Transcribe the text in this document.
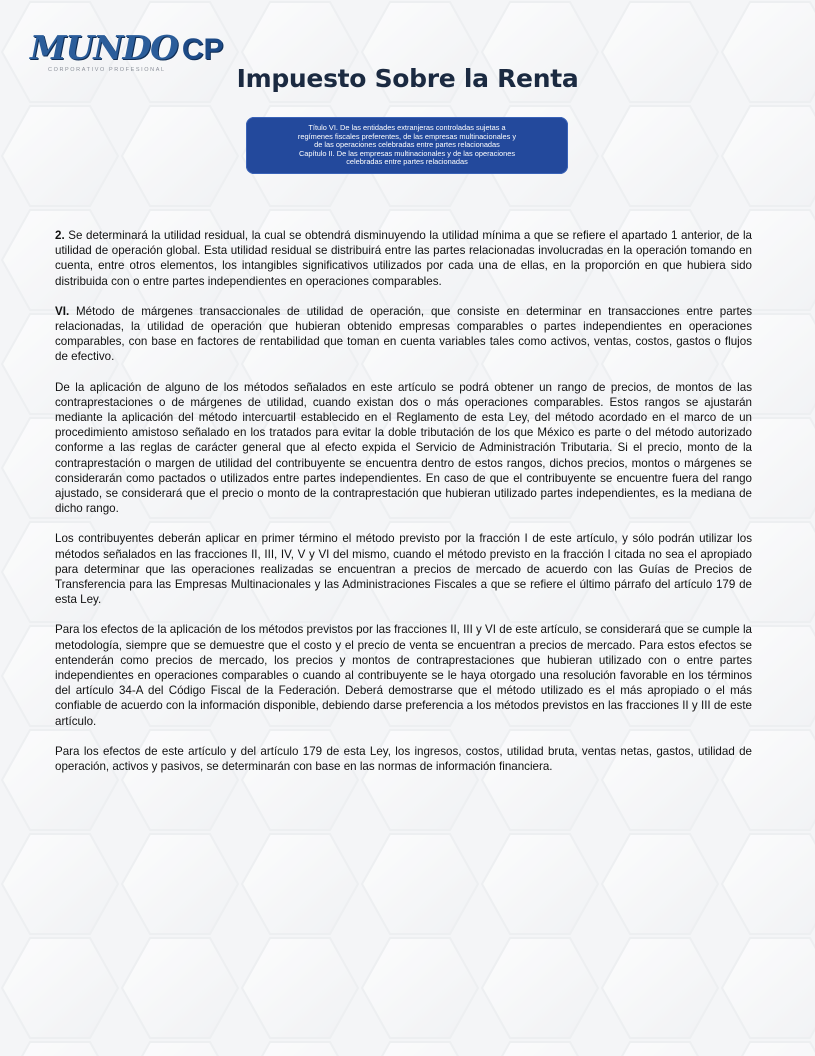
MUNDO CP
CORPORATIVO PROFESIONAL	Impuesto Sobre la Renta
Título VI. De las entidades extranjeras controladas sujetas a
regímenes fiscales preferentes, de las empresas multinacionales y
de las operaciones celebradas entre partes relacionadas
Capítulo II. De las empresas multinacionales y de las operaciones
celebradas entre partes relacionadas

2. Se determinará la utilidad residual, la cual se obtendrá disminuyendo la utilidad mínima a que se refiere el apartado 1 anterior, de la utilidad de operación global. Esta utilidad residual se distribuirá entre las partes relacionadas involucradas en la operación tomando en cuenta, entre otros elementos, los intangibles significativos utilizados por cada una de ellas, en la proporción en que hubiera sido distribuida con o entre partes independientes en operaciones comparables.

VI. Método de márgenes transaccionales de utilidad de operación, que consiste en determinar en transacciones entre partes relacionadas, la utilidad de operación que hubieran obtenido empresas comparables o partes independientes en operaciones comparables, con base en factores de rentabilidad que toman en cuenta variables tales como activos, ventas, costos, gastos o flujos de efectivo.

De la aplicación de alguno de los métodos señalados en este artículo se podrá obtener un rango de precios, de montos de las contraprestaciones o de márgenes de utilidad, cuando existan dos o más operaciones comparables. Estos rangos se ajustarán mediante la aplicación del método intercuartil establecido en el Reglamento de esta Ley, del método acordado en el marco de un procedimiento amistoso señalado en los tratados para evitar la doble tributación de los que México es parte o del método autorizado conforme a las reglas de carácter general que al efecto expida el Servicio de Administración Tributaria. Si el precio, monto de la contraprestación o margen de utilidad del contribuyente se encuentra dentro de estos rangos, dichos precios, montos o márgenes se considerarán como pactados o utilizados entre partes independientes. En caso de que el contribuyente se encuentre fuera del rango ajustado, se considerará que el precio o monto de la contraprestación que hubieran utilizado partes independientes, es la mediana de dicho rango.

Los contribuyentes deberán aplicar en primer término el método previsto por la fracción I de este artículo, y sólo podrán utilizar los métodos señalados en las fracciones II, III, IV, V y VI del mismo, cuando el método previsto en la fracción I citada no sea el apropiado para determinar que las operaciones realizadas se encuentran a precios de mercado de acuerdo con las Guías de Precios de Transferencia para las Empresas Multinacionales y las Administraciones Fiscales a que se refiere el último párrafo del artículo 179 de esta Ley.

Para los efectos de la aplicación de los métodos previstos por las fracciones II, III y VI de este artículo, se considerará que se cumple la metodología, siempre que se demuestre que el costo y el precio de venta se encuentran a precios de mercado. Para estos efectos se entenderán como precios de mercado, los precios y montos de contraprestaciones que hubieran utilizado con o entre partes independientes en operaciones comparables o cuando al contribuyente se le haya otorgado una resolución favorable en los términos del artículo 34-A del Código Fiscal de la Federación. Deberá demostrarse que el método utilizado es el más apropiado o el más confiable de acuerdo con la información disponible, debiendo darse preferencia a los métodos previstos en las fracciones II y III de este artículo.

Para los efectos de este artículo y del artículo 179 de esta Ley, los ingresos, costos, utilidad bruta, ventas netas, gastos, utilidad de operación, activos y pasivos, se determinarán con base en las normas de información financiera.
